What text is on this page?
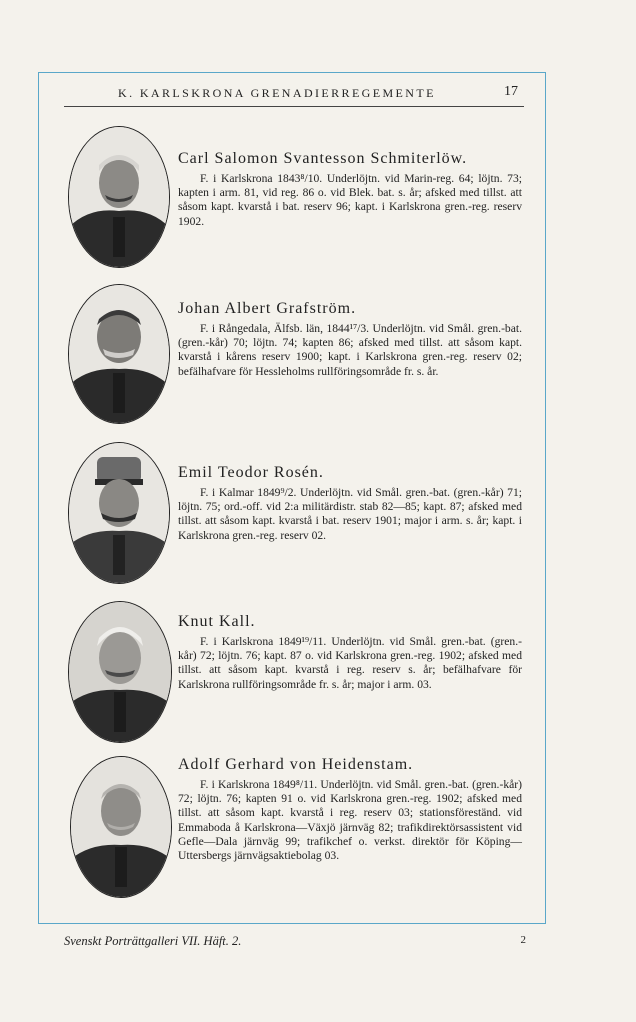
K. KARLSKRONA GRENADIERREGEMENTE	17
Carl Salomon Svantesson Schmiterlöw.

F. i Karlskrona 1843⁸/10. Underlöjtn. vid Marin-reg. 64; löjtn. 73; kapten i arm. 81, vid reg. 86 o. vid Blek. bat. s. år; afsked med tillst. att såsom kapt. kvarstå i bat. reserv 96; kapt. i Karlskrona gren.-reg. reserv 1902.

Johan Albert Grafström.

F. i Rångedala, Älfsb. län, 1844¹⁷/3. Underlöjtn. vid Smål. gren.-bat. (gren.-kår) 70; löjtn. 74; kapten 86; afsked med tillst. att såsom kapt. kvarstå i kårens reserv 1900; kapt. i Karlskrona gren.-reg. reserv 02; befälhafvare för Hessleholms rullföringsområde fr. s. år.

Emil Teodor Rosén.

F. i Kalmar 1849⁹/2. Underlöjtn. vid Smål. gren.-bat. (gren.-kår) 71; löjtn. 75; ord.-off. vid 2:a militärdistr. stab 82—85; kapt. 87; afsked med tillst. att såsom kapt. kvarstå i bat. reserv 1901; major i arm. s. år; kapt. i Karlskrona gren.-reg. reserv 02.

Knut Kall.

F. i Karlskrona 1849¹⁹/11. Underlöjtn. vid Smål. gren.-bat. (gren.-kår) 72; löjtn. 76; kapt. 87 o. vid Karlskrona gren.-reg. 1902; afsked med tillst. att såsom kapt. kvarstå i reg. reserv s. år; befälhafvare för Karlskrona rullföringsområde fr. s. år; major i arm. 03.

Adolf Gerhard von Heidenstam.

F. i Karlskrona 1849⁸/11. Underlöjtn. vid Smål. gren.-bat. (gren.-kår) 72; löjtn. 76; kapten 91 o. vid Karlskrona gren.-reg. 1902; afsked med tillst. att såsom kapt. kvarstå i reg. reserv 03; stationsföreständ. vid Emmaboda å Karlskrona—Växjö järnväg 82; trafikdirektörsassistent vid Gefle—Dala järnväg 99; trafikchef o. verkst. direktör för Köping—Uttersbergs järnvägsaktiebolag 03.

Svenskt Porträttgalleri VII. Häft. 2.	2
